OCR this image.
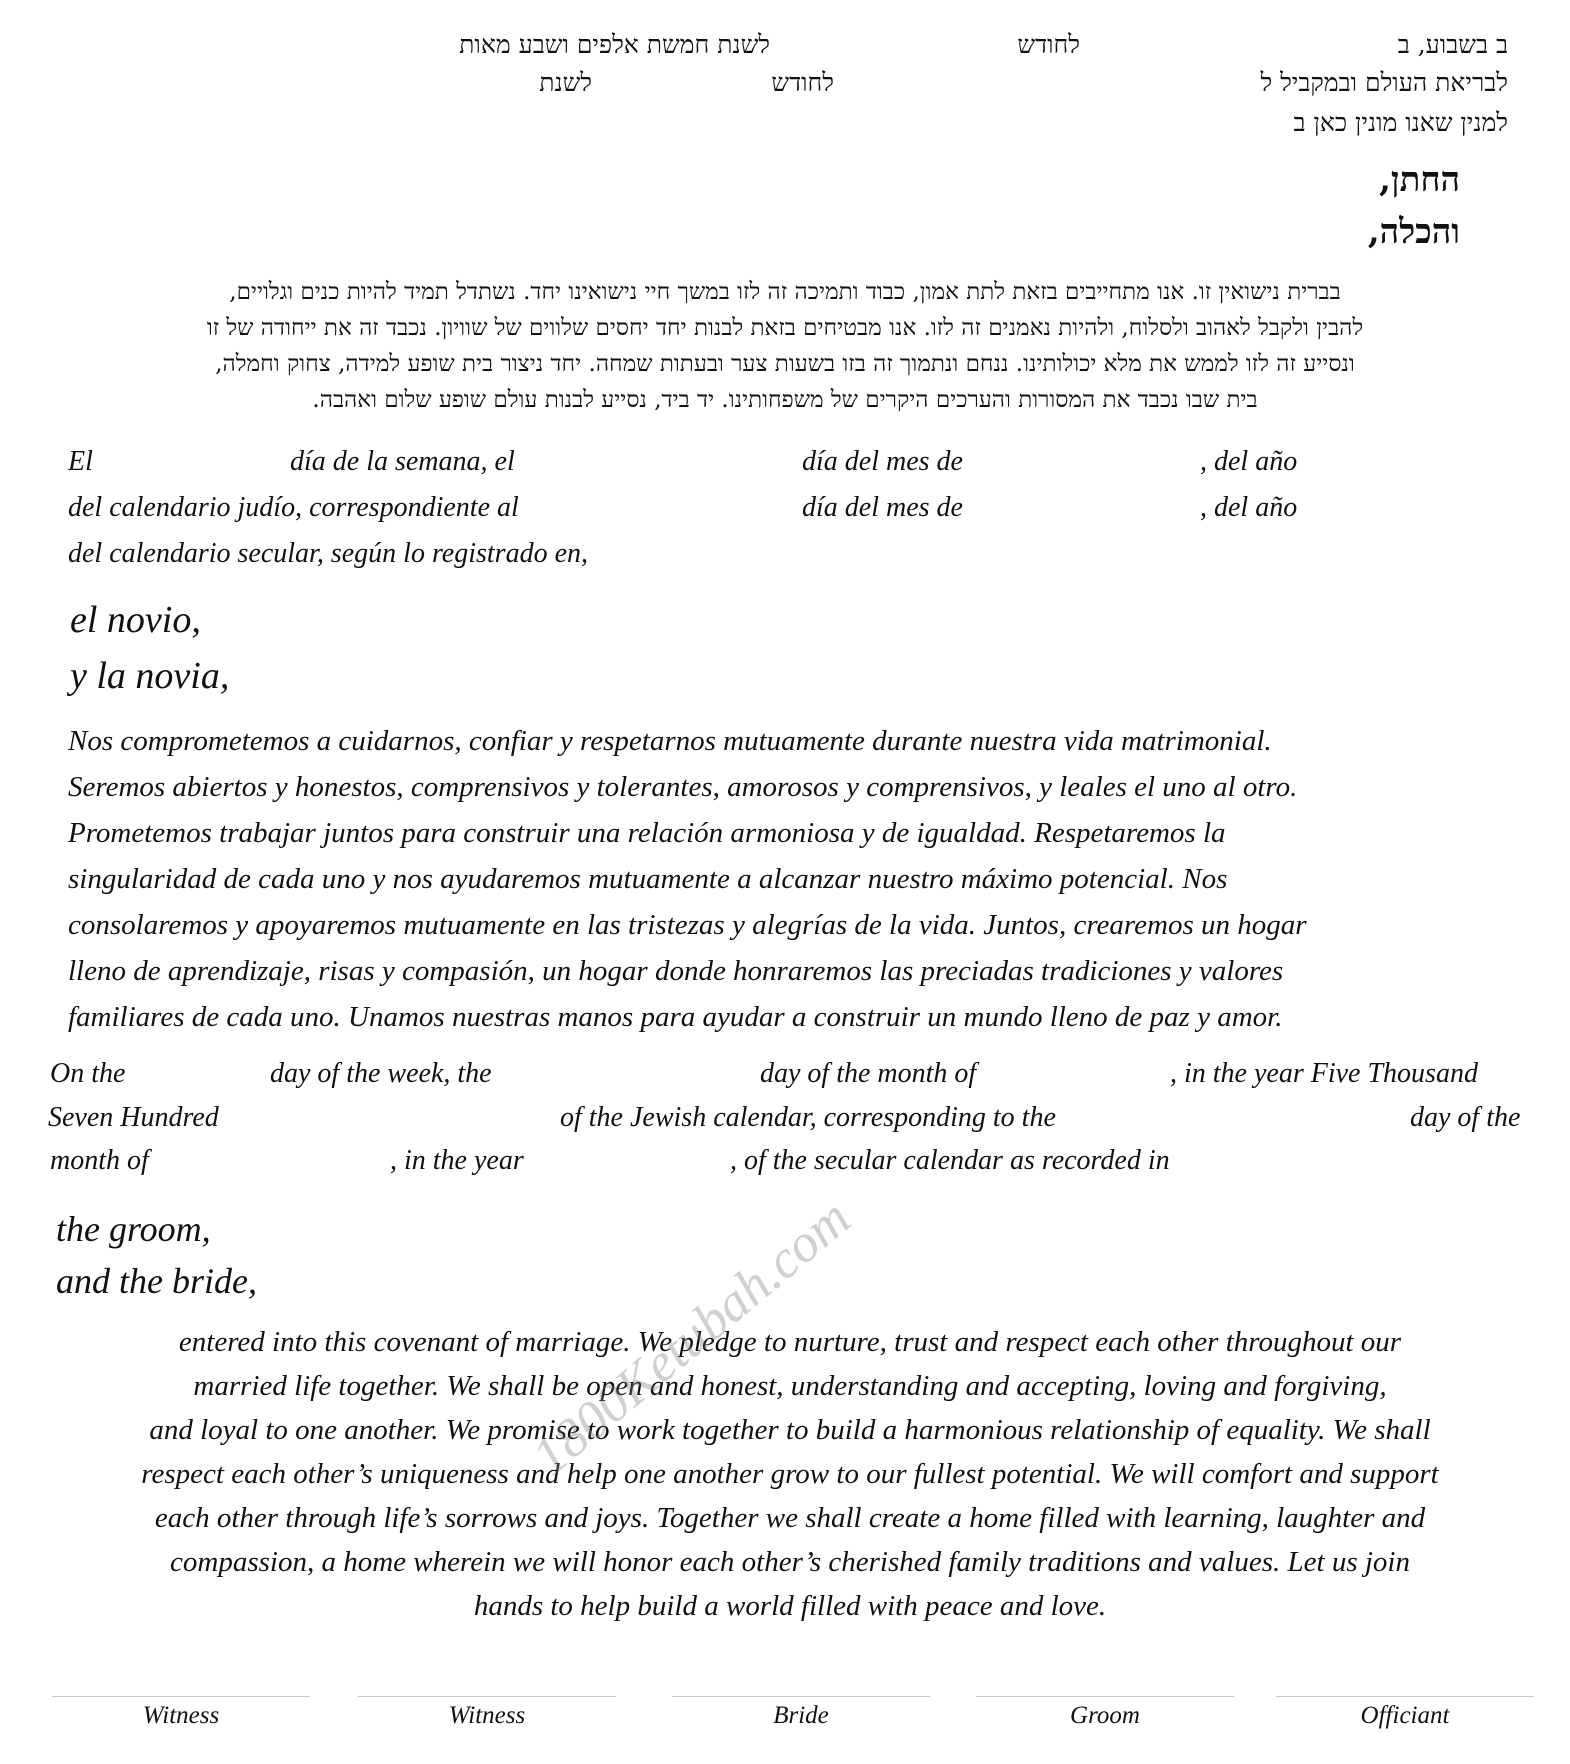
ב בשבוע, ב
לחודש
לשנת חמשת אלפים ושבע מאות
לבריאת העולם ובמקביל ל
לחודש
לשנת
למנין שאנו מונין כאן ב
החתן,
והכלה,
בברית נישואין זו. אנו מתחייבים בזאת לתת אמון, כבוד ותמיכה זה לזו במשך חיי נישואינו יחד. נשתדל תמיד להיות כנים וגלויים,
להבין ולקבל לאהוב ולסלוח, ולהיות נאמנים זה לזו. אנו מבטיחים בזאת לבנות יחד יחסים שלווים של שוויון. נכבד זה את ייחודה של זו
ונסייע זה לזו לממש את מלא יכולותינו. ננחם ונתמוך זה בזו בשעות צער ובעתות שמחה. יחד ניצור בית שופע למידה, צחוק וחמלה,
בית שבו נכבד את המסורות והערכים היקרים של משפחותינו. יד ביד, נסייע לבנות עולם שופע שלום ואהבה.
El	día de la semana, el	día del mes de	, del año
del calendario judío, correspondiente al	día del mes de	, del año
del calendario secular, según lo registrado en,
el novio,
y la novia,
Nos comprometemos a cuidarnos, confiar y respetarnos mutuamente durante nuestra vida matrimonial.
Seremos abiertos y honestos, comprensivos y tolerantes, amorosos y comprensivos, y leales el uno al otro.
Prometemos trabajar juntos para construir una relación armoniosa y de igualdad. Respetaremos la
singularidad de cada uno y nos ayudaremos mutuamente a alcanzar nuestro máximo potencial. Nos
consolaremos y apoyaremos mutuamente en las tristezas y alegrías de la vida. Juntos, crearemos un hogar
lleno de aprendizaje, risas y compasión, un hogar donde honraremos las preciadas tradiciones y valores
familiares de cada uno. Unamos nuestras manos para ayudar a construir un mundo lleno de paz y amor.
On the	day of the week, the	day of the month of	, in the year Five Thousand
Seven Hundred	of the Jewish calendar, corresponding to the	day of the
month of	, in the year	, of the secular calendar as recorded in
the groom,
and the bride,
entered into this covenant of marriage. We pledge to nurture, trust and respect each other throughout our
married life together. We shall be open and honest, understanding and accepting, loving and forgiving,
and loyal to one another. We promise to work together to build a harmonious relationship of equality. We shall
respect each other’s uniqueness and help one another grow to our fullest potential. We will comfort and support
each other through life’s sorrows and joys. Together we shall create a home filled with learning, laughter and
compassion, a home wherein we will honor each other’s cherished family traditions and values. Let us join
hands to help build a world filled with peace and love.
1800Ketubah.com
Witness	Witness	Bride	Groom	Officiant
